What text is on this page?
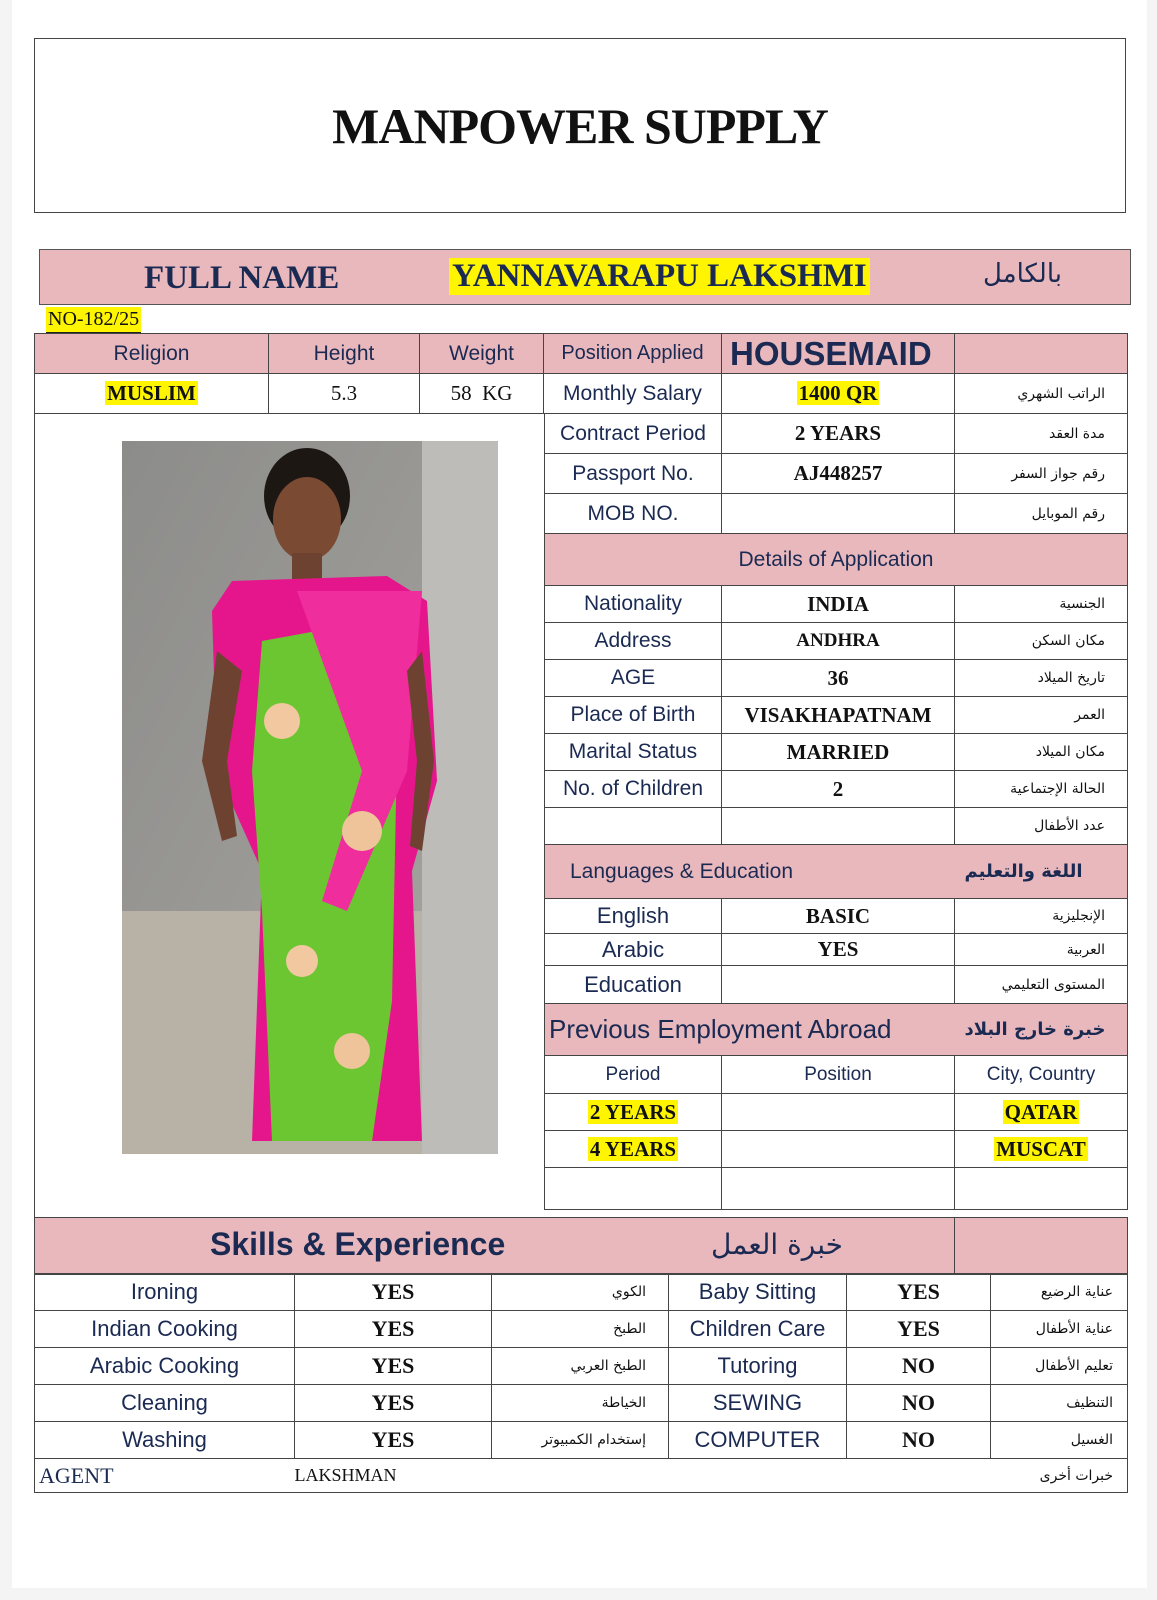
MANPOWER SUPPLY
FULL NAME	YANNAVARAPU LAKSHMI	بالكامل
NO-182/25
Religion	Height	Weight	Position Applied	HOUSEMAID	
MUSLIM	5.3	58  KG	Monthly Salary	1400 QR	الراتب الشهري
Contract Period	2 YEARS	مدة العقد
Passport No.	AJ448257	رقم جواز السفر
MOB NO.		رقم الموبايل
Details of Application		
Nationality	INDIA	الجنسية
Address	ANDHRA	مكان السكن
AGE	36	تاريخ الميلاد
Place of Birth	VISAKHAPATNAM	العمر
Marital Status	MARRIED	مكان الميلاد
No. of Children	2	الحالة الإجتماعية
		عدد الأطفال
Languages & Education		اللغة والتعليم
English	BASIC	الإنجليزية
Arabic	YES	العربية
Education		المستوى التعليمي
Previous Employment Abroad		خبرة خارج البلاد
Period	Position	City, Country
2 YEARS		QATAR
4 YEARS		MUSCAT

Skills & Experience	خبرة العمل

Ironing	YES	الكوي	Baby Sitting	YES	عناية الرضيع
Indian Cooking	YES	الطبخ	Children Care	YES	عناية الأطفال
Arabic Cooking	YES	الطبخ العربي	Tutoring	NO	تعليم الأطفال
Cleaning	YES	الخياطة	SEWING	NO	التنظيف
Washing	YES	إستخدام الكمبيوتر	COMPUTER	NO	الغسيل
AGENT	LAKSHMAN				خبرات أخرى
